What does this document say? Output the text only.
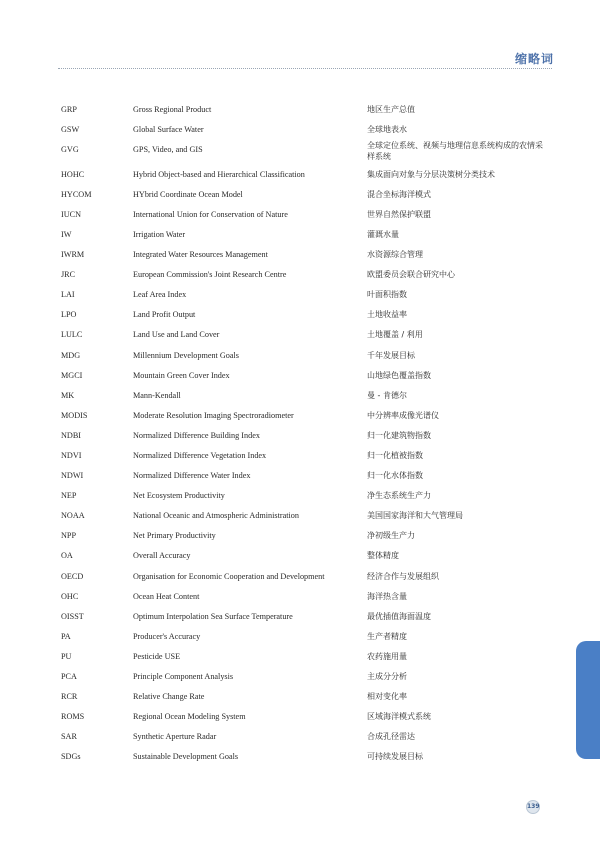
缩略词
GRP	Gross Regional Product	地区生产总值
GSW	Global Surface Water	全球地表水
GVG	GPS, Video, and GIS	全球定位系统、视频与地理信息系统构成的农情采样系统
HOHC	Hybrid Object-based and Hierarchical Classification	集成面向对象与分层决策树分类技术
HYCOM	HYbrid Coordinate Ocean Model	混合坐标海洋模式
IUCN	International Union for Conservation of Nature	世界自然保护联盟
IW	Irrigation Water	灌溉水量
IWRM	Integrated Water Resources Management	水资源综合管理
JRC	European Commission's Joint Research Centre	欧盟委员会联合研究中心
LAI	Leaf Area Index	叶面积指数
LPO	Land Profit Output	土地收益率
LULC	Land Use and Land Cover	土地覆盖 / 利用
MDG	Millennium Development Goals	千年发展目标
MGCI	Mountain Green Cover Index	山地绿色覆盖指数
MK	Mann-Kendall	曼 - 肯德尔
MODIS	Moderate Resolution Imaging Spectroradiometer	中分辨率成像光谱仪
NDBI	Normalized Difference Building Index	归一化建筑物指数
NDVI	Normalized Difference Vegetation Index	归一化植被指数
NDWI	Normalized Difference Water Index	归一化水体指数
NEP	Net Ecosystem Productivity	净生态系统生产力
NOAA	National Oceanic and Atmospheric Administration	美国国家海洋和大气管理局
NPP	Net Primary Productivity	净初级生产力
OA	Overall Accuracy	整体精度
OECD	Organisation for Economic Cooperation and Development	经济合作与发展组织
OHC	Ocean Heat Content	海洋热含量
OISST	Optimum Interpolation Sea Surface Temperature	最优插值海面温度
PA	Producer's Accuracy	生产者精度
PU	Pesticide USE	农药施用量
PCA	Principle Component Analysis	主成分分析
RCR	Relative Change Rate	相对变化率
ROMS	Regional Ocean Modeling System	区域海洋模式系统
SAR	Synthetic Aperture Radar	合成孔径雷达
SDGs	Sustainable Development Goals	可持续发展目标
139
